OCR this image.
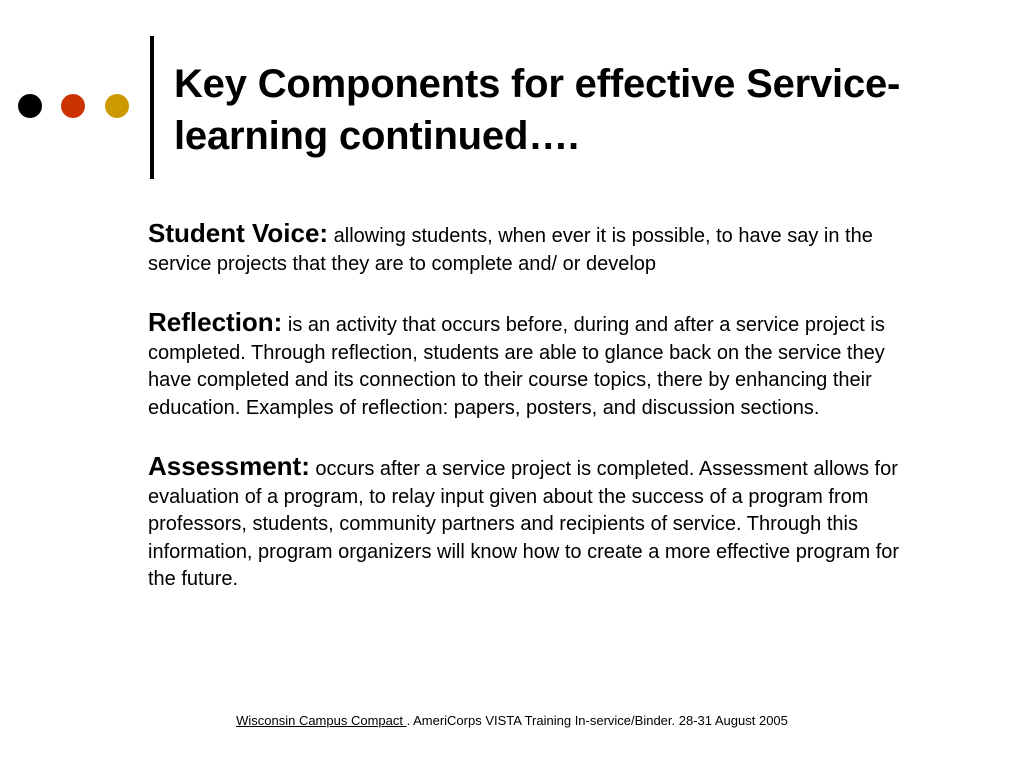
Key Components for effective Service-learning continued….

Student Voice: allowing students, when ever it is possible, to have say in the service projects that they are to complete and/ or develop

Reflection: is an activity that occurs before, during and after a service project is completed. Through reflection, students are able to glance back on the service they have completed and its connection to their course topics, there by enhancing their education. Examples of reflection: papers, posters, and discussion sections.

Assessment: occurs after a service project is completed. Assessment allows for evaluation of a program, to relay input given about the success of a program from professors, students, community partners and recipients of service. Through this information, program organizers will know how to create a more effective program for the future.

Wisconsin Campus Compact . AmeriCorps VISTA Training In-service/Binder. 28-31 August 2005
